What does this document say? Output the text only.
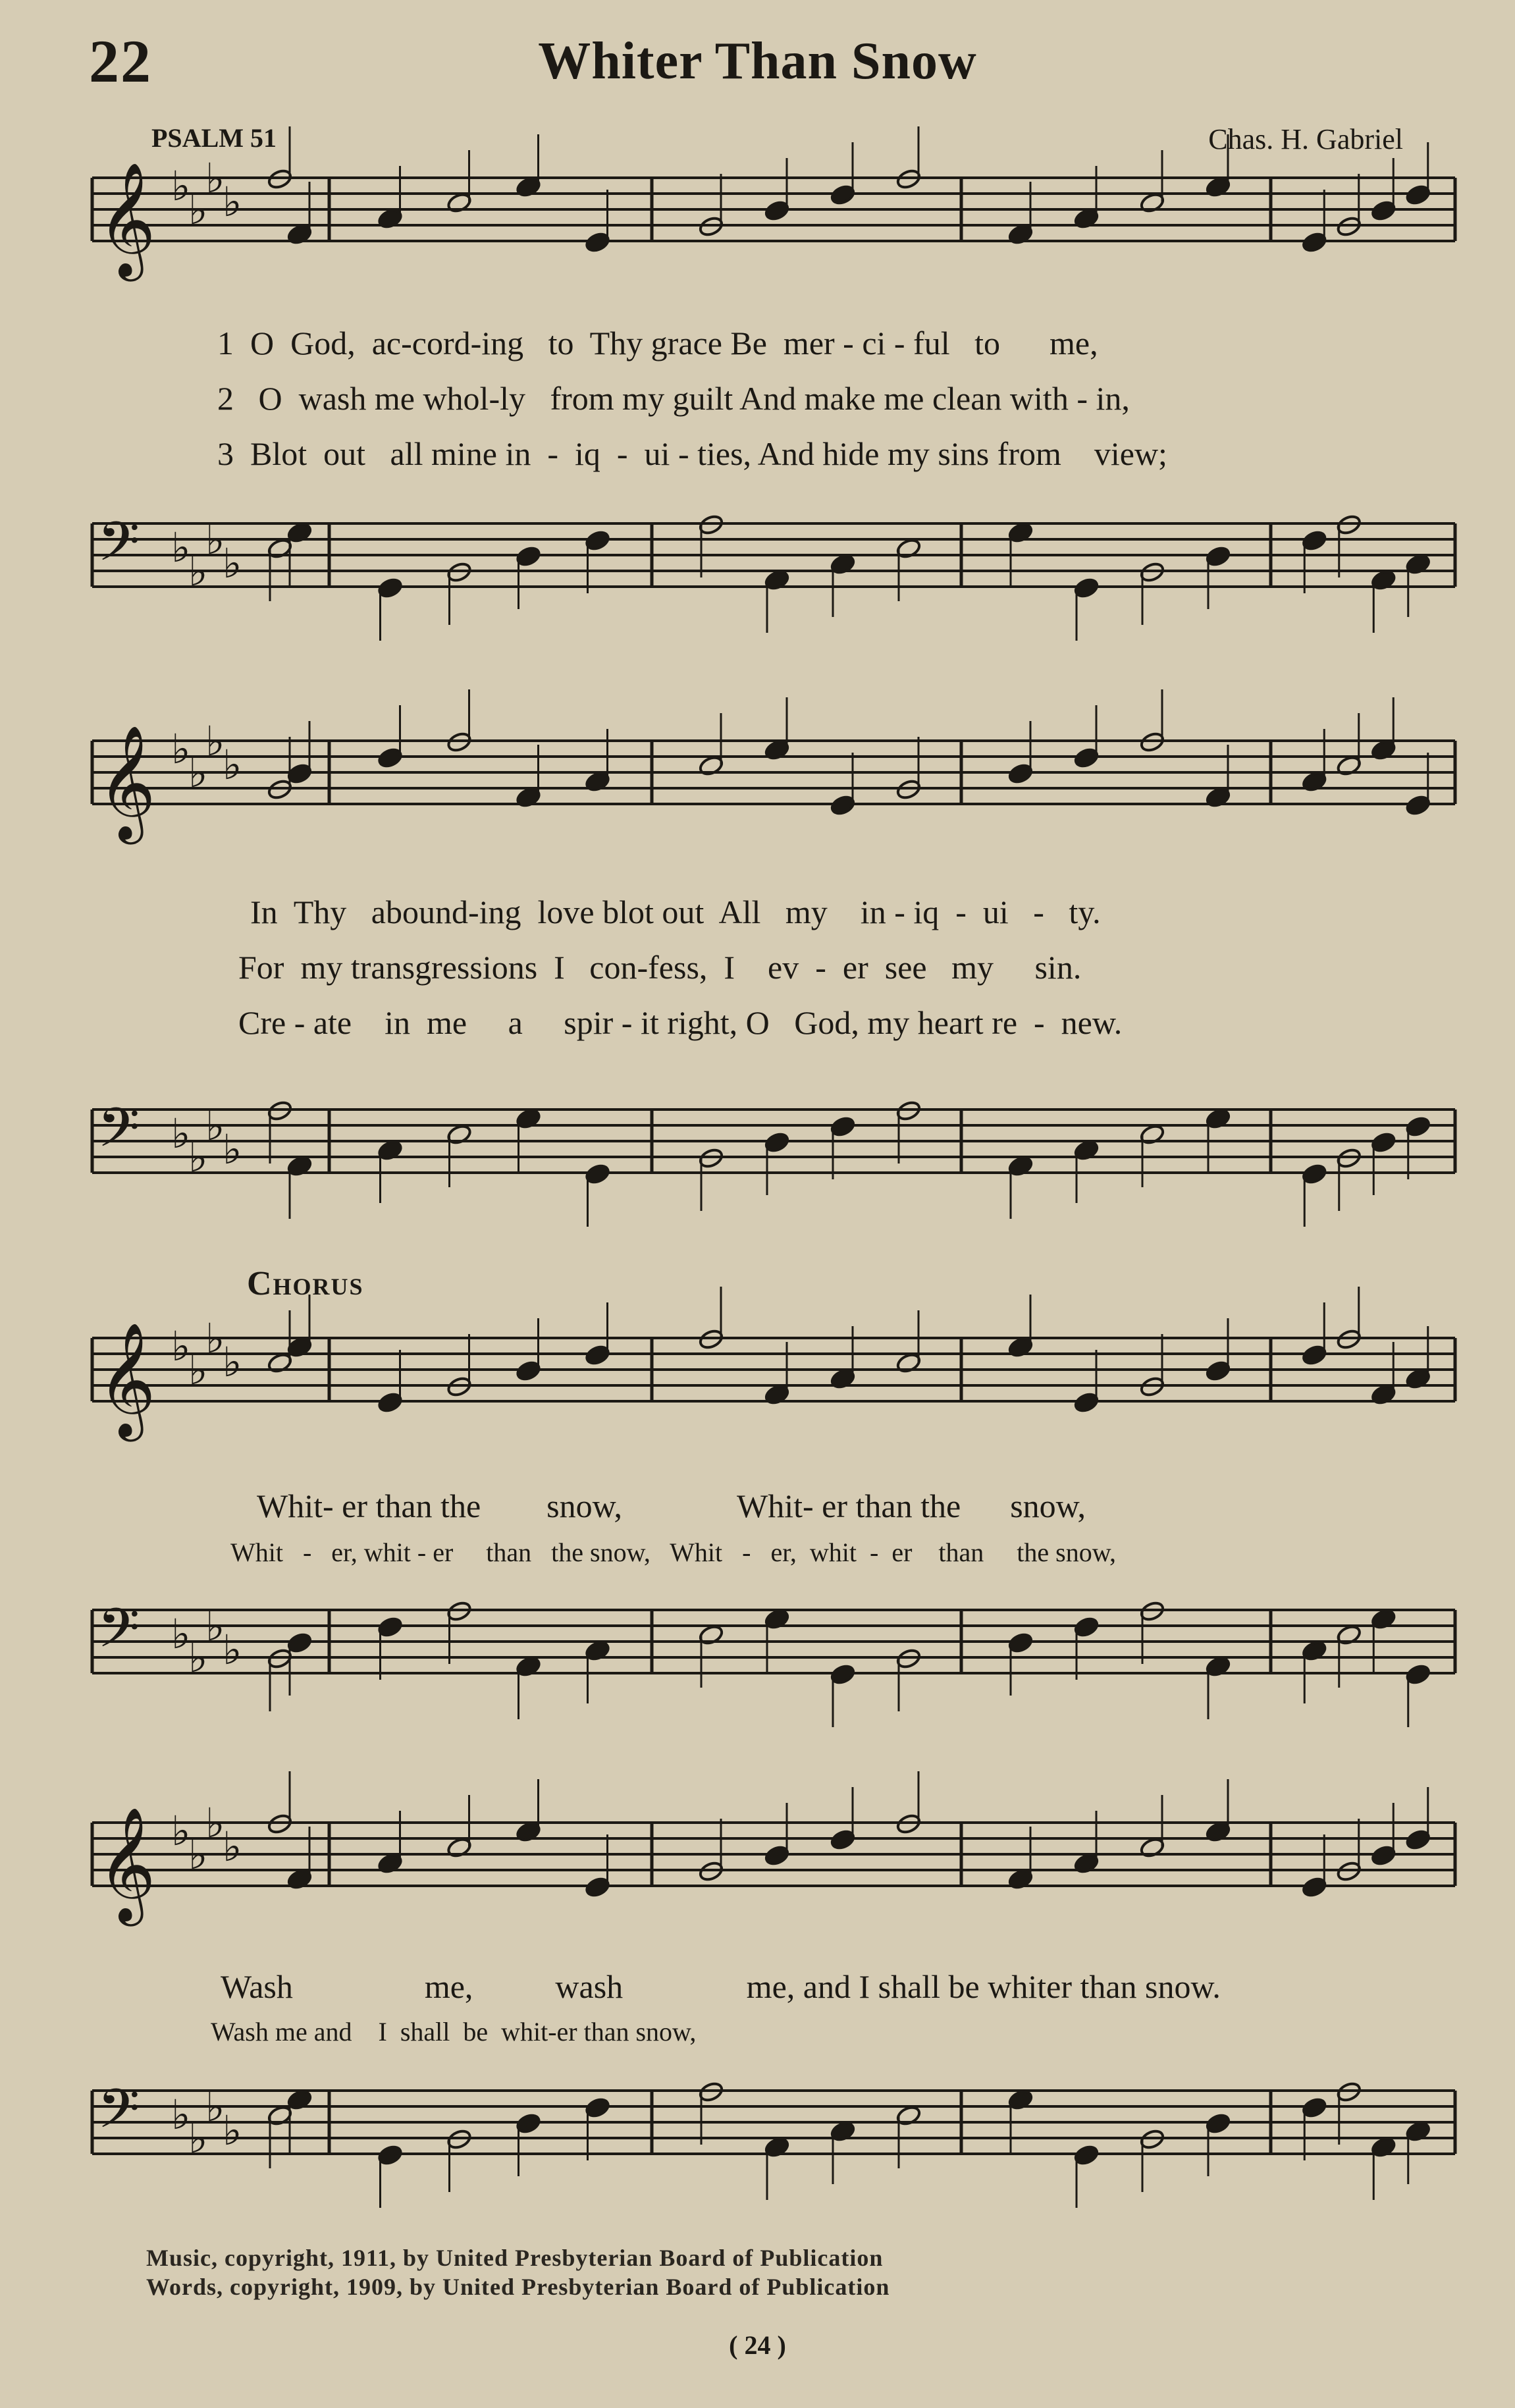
22	Whiter Than Snow
PSALM 51	Chas. H. Gabriel
𝄞 ♭
♭
♭
♭
𝄢 ♭
♭
♭
♭
1  O  God,  ac-cord-ing   to  Thy grace Be  mer - ci - ful   to      me,
2   O  wash me whol-ly   from my guilt And make me clean with - in,
3  Blot  out   all mine in  -  iq  -  ui - ties, And hide my sins from    view;
𝄞 ♭
♭
♭
♭
𝄢 ♭
♭
♭
♭
In  Thy   abound-ing  love blot out  All   my    in - iq  -  ui   -   ty.
For  my transgressions  I   con-fess,  I    ev  -  er  see   my     sin.
Cre - ate    in  me     a     spir - it right, O   God, my heart re  -  new.
Chorus
𝄞 ♭
♭
♭
♭
𝄢 ♭
♭
♭
♭
Whit- er than the        snow,              Whit- er than the      snow,
Whit   -   er, whit - er     than   the snow,   Whit   -   er,  whit  -  er    than     the snow,
𝄞 ♭
♭
♭
♭
𝄢 ♭
♭
♭
♭
Wash                me,          wash               me, and I shall be whiter than snow.
Wash me and    I  shall  be  whit-er than snow,
Music, copyright, 1911, by United Presbyterian Board of Publication
Words, copyright, 1909, by United Presbyterian Board of Publication
( 24 )
